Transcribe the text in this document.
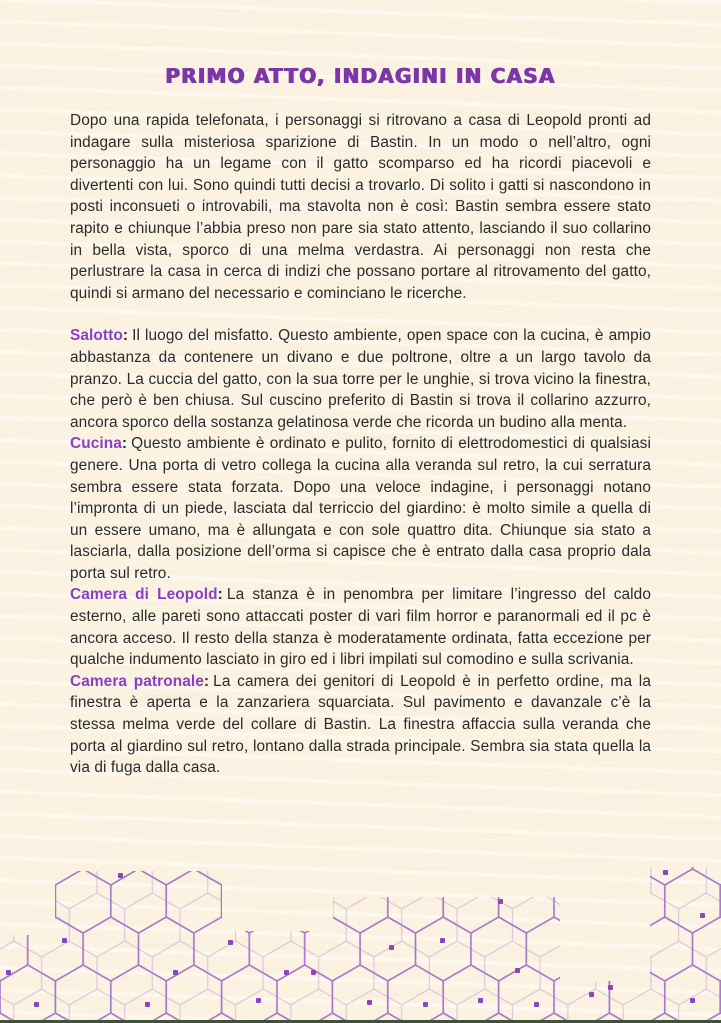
PRIMO ATTO, INDAGINI IN CASA

Dopo una rapida telefonata, i personaggi si ritrovano a casa di Leopold pronti ad indagare sulla misteriosa sparizione di Bastin. In un modo o nell’altro, ogni personaggio ha un legame con il gatto scomparso ed ha ricordi piacevoli e divertenti con lui. Sono quindi tutti decisi a trovarlo. Di solito i gatti si nascondono in posti inconsueti o introvabili, ma stavolta non è così: Bastin sembra essere stato rapito e chiunque l’abbia preso non pare sia stato attento, lasciando il suo collarino in bella vista, sporco di una melma verdastra. Ai personaggi non resta che perlustrare la casa in cerca di indizi che possano portare al ritrovamento del gatto, quindi si armano del necessario e cominciano le ricerche.

Salotto: Il luogo del misfatto. Questo ambiente, open space con la cucina, è ampio abbastanza da contenere un divano e due poltrone, oltre a un largo tavolo da pranzo. La cuccia del gatto, con la sua torre per le unghie, si trova vicino la finestra, che però è ben chiusa. Sul cuscino preferito di Bastin si trova il collarino azzurro, ancora sporco della sostanza gelatinosa verde che ricorda un budino alla menta.

Cucina: Questo ambiente è ordinato e pulito, fornito di elettrodomestici di qualsiasi genere. Una porta di vetro collega la cucina alla veranda sul retro, la cui serratura sembra essere stata forzata. Dopo una veloce indagine, i personaggi notano l’impronta di un piede, lasciata dal terriccio del giardino: è molto simile a quella di un essere umano, ma è allungata e con sole quattro dita. Chiunque sia stato a lasciarla, dalla posizione dell’orma si capisce che è entrato dalla casa proprio dala porta sul retro.

Camera di Leopold: La stanza è in penombra per limitare l’ingresso del caldo esterno, alle pareti sono attaccati poster di vari film horror e paranormali ed il pc è ancora acceso. Il resto della stanza è moderatamente ordinata, fatta eccezione per qualche indumento lasciato in giro ed i libri impilati sul comodino e sulla scrivania.

Camera patronale: La camera dei genitori di Leopold è in perfetto ordine, ma la finestra è aperta e la zanzariera squarciata. Sul pavimento e davanzale c’è la stessa melma verde del collare di Bastin. La finestra affaccia sulla veranda che porta al giardino sul retro, lontano dalla strada principale. Sembra sia stata quella la via di fuga dalla casa.
